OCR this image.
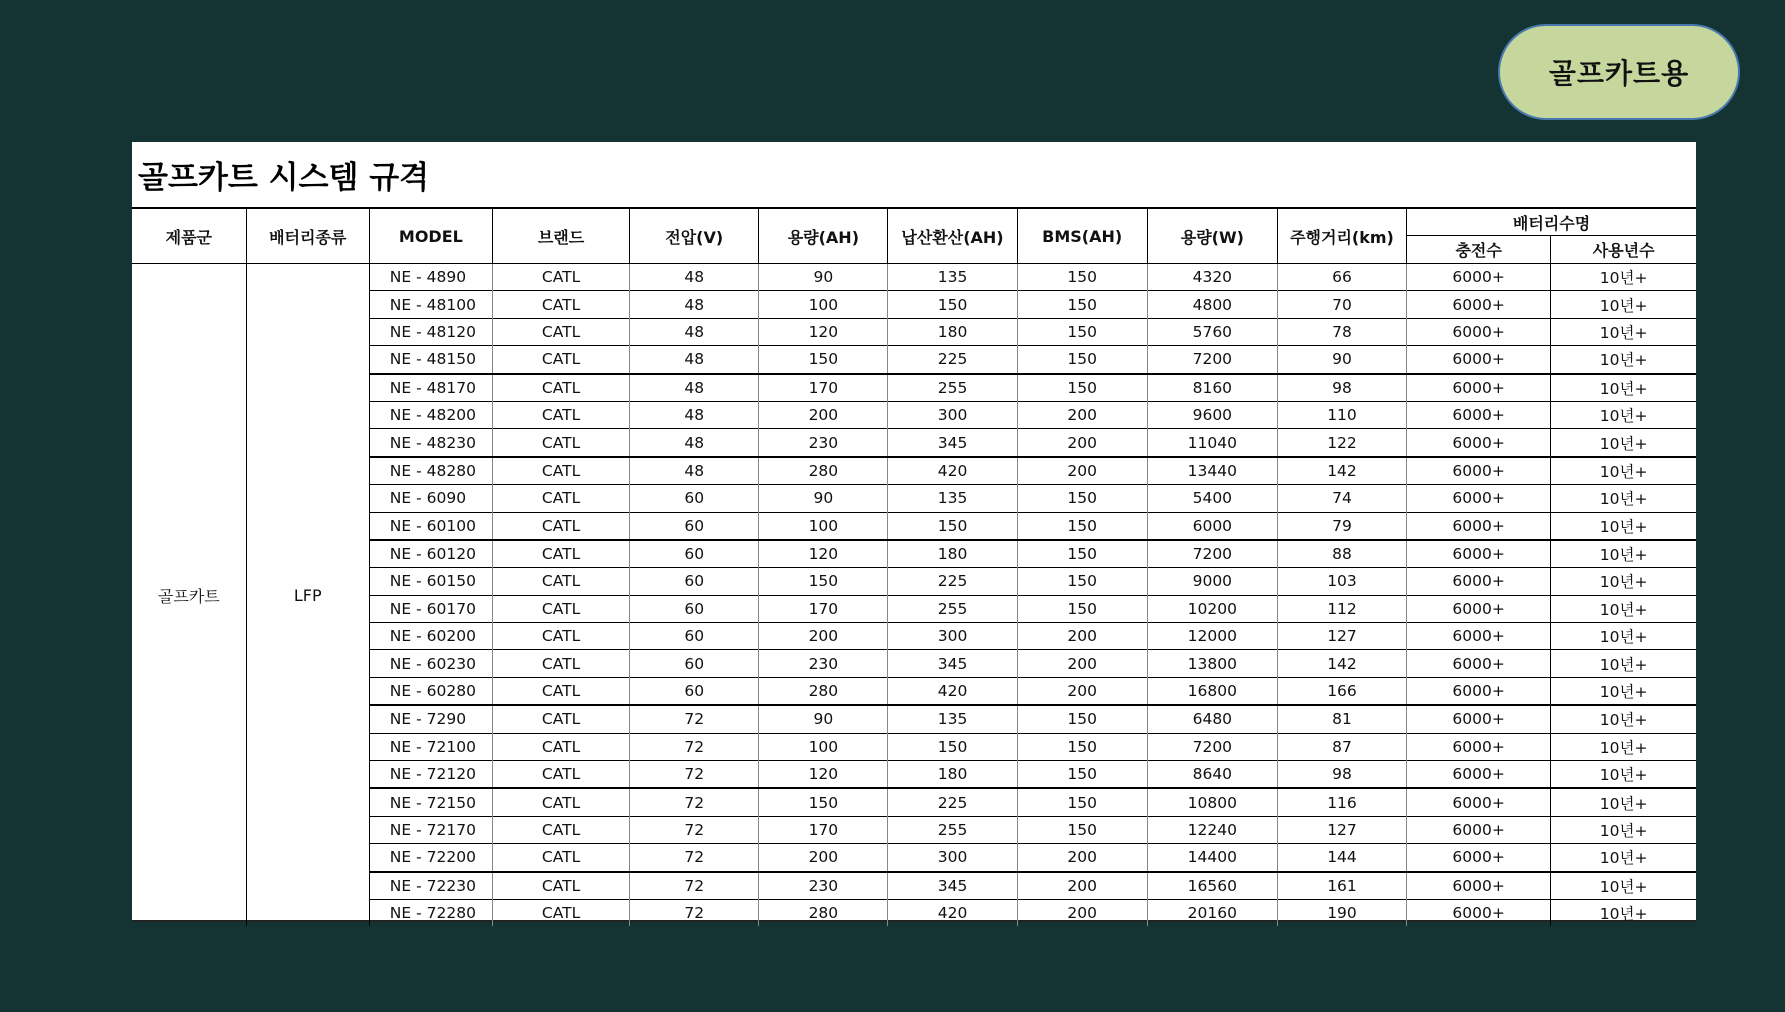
골프카트용
골프카트 시스템 규격
제품군	배터리종류	MODEL	브랜드	전압(V)	용량(AH)	납산환산(AH)	BMS(AH)	용량(W)	주행거리(km)	배터리수명	
										충전수	사용년수
골프카트	LFP	NE - 4890	CATL	48	90	135	150	4320	66	6000+	10년+
		NE - 48100	CATL	48	100	150	150	4800	70	6000+	10년+
		NE - 48120	CATL	48	120	180	150	5760	78	6000+	10년+
		NE - 48150	CATL	48	150	225	150	7200	90	6000+	10년+
		NE - 48170	CATL	48	170	255	150	8160	98	6000+	10년+
		NE - 48200	CATL	48	200	300	200	9600	110	6000+	10년+
		NE - 48230	CATL	48	230	345	200	11040	122	6000+	10년+
		NE - 48280	CATL	48	280	420	200	13440	142	6000+	10년+
		NE - 6090	CATL	60	90	135	150	5400	74	6000+	10년+
		NE - 60100	CATL	60	100	150	150	6000	79	6000+	10년+
		NE - 60120	CATL	60	120	180	150	7200	88	6000+	10년+
		NE - 60150	CATL	60	150	225	150	9000	103	6000+	10년+
		NE - 60170	CATL	60	170	255	150	10200	112	6000+	10년+
		NE - 60200	CATL	60	200	300	200	12000	127	6000+	10년+
		NE - 60230	CATL	60	230	345	200	13800	142	6000+	10년+
		NE - 60280	CATL	60	280	420	200	16800	166	6000+	10년+
		NE - 7290	CATL	72	90	135	150	6480	81	6000+	10년+
		NE - 72100	CATL	72	100	150	150	7200	87	6000+	10년+
		NE - 72120	CATL	72	120	180	150	8640	98	6000+	10년+
		NE - 72150	CATL	72	150	225	150	10800	116	6000+	10년+
		NE - 72170	CATL	72	170	255	150	12240	127	6000+	10년+
		NE - 72200	CATL	72	200	300	200	14400	144	6000+	10년+
		NE - 72230	CATL	72	230	345	200	16560	161	6000+	10년+
		NE - 72280	CATL	72	280	420	200	20160	190	6000+	10년+
